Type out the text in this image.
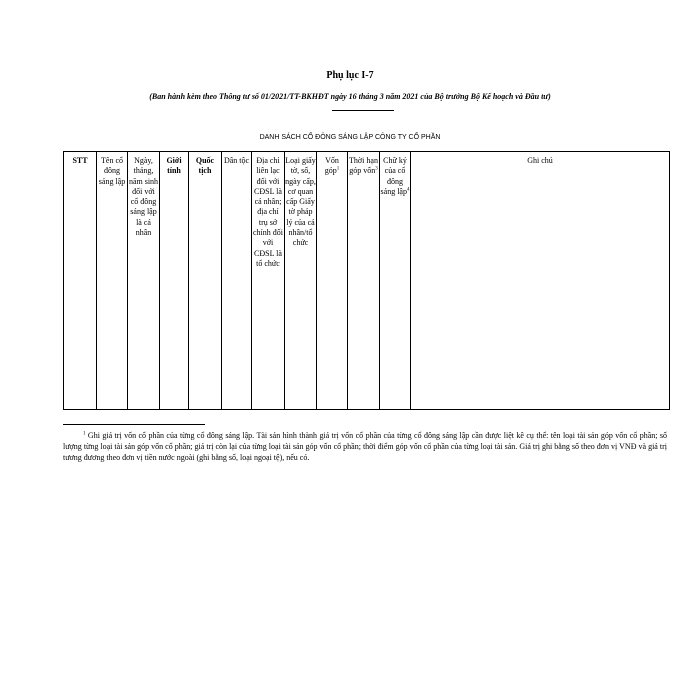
Phụ lục I-7
(Ban hành kèm theo Thông tư số 01/2021/TT-BKHĐT ngày 16 tháng 3 năm 2021 của Bộ trưởng Bộ Kế hoạch và Đầu tư)
DANH SÁCH CỔ ĐÔNG SÁNG LẬP CÔNG TY CỔ PHẦN
STT	Tên cổ đông sáng lập	Ngày, tháng, năm sinh đối với cổ đông sáng lập là cá nhân	Giới tính	Quốc tịch	Dân tộc	Địa chỉ liên lạc đối với CĐSL là cá nhân; địa chỉ trụ sở chính đối với CĐSL là tổ chức	Loại giấy tờ, số, ngày cấp, cơ quan cấp Giấy tờ pháp lý của cá nhân/tổ chức	Vốn góp$^1$	Thời hạn góp vốn$^3$	Chữ ký của cổ đông sáng lập$^4$	Ghi chú
$^1$ Ghi giá trị vốn cổ phần của từng cổ đông sáng lập. Tài sản hình thành giá trị vốn cổ phần của từng cổ đông sáng lập cần được liệt kê cụ thể: tên loại tài sản góp vốn cổ phần; số lượng từng loại tài sản góp vốn cổ phần; giá trị còn lại của từng loại tài sản góp vốn cổ phần; thời điểm góp vốn cổ phần của từng loại tài sản. Giá trị ghi bằng số theo đơn vị VNĐ và giá trị tương đương theo đơn vị tiền nước ngoài (ghi bằng số, loại ngoại tệ), nếu có.
